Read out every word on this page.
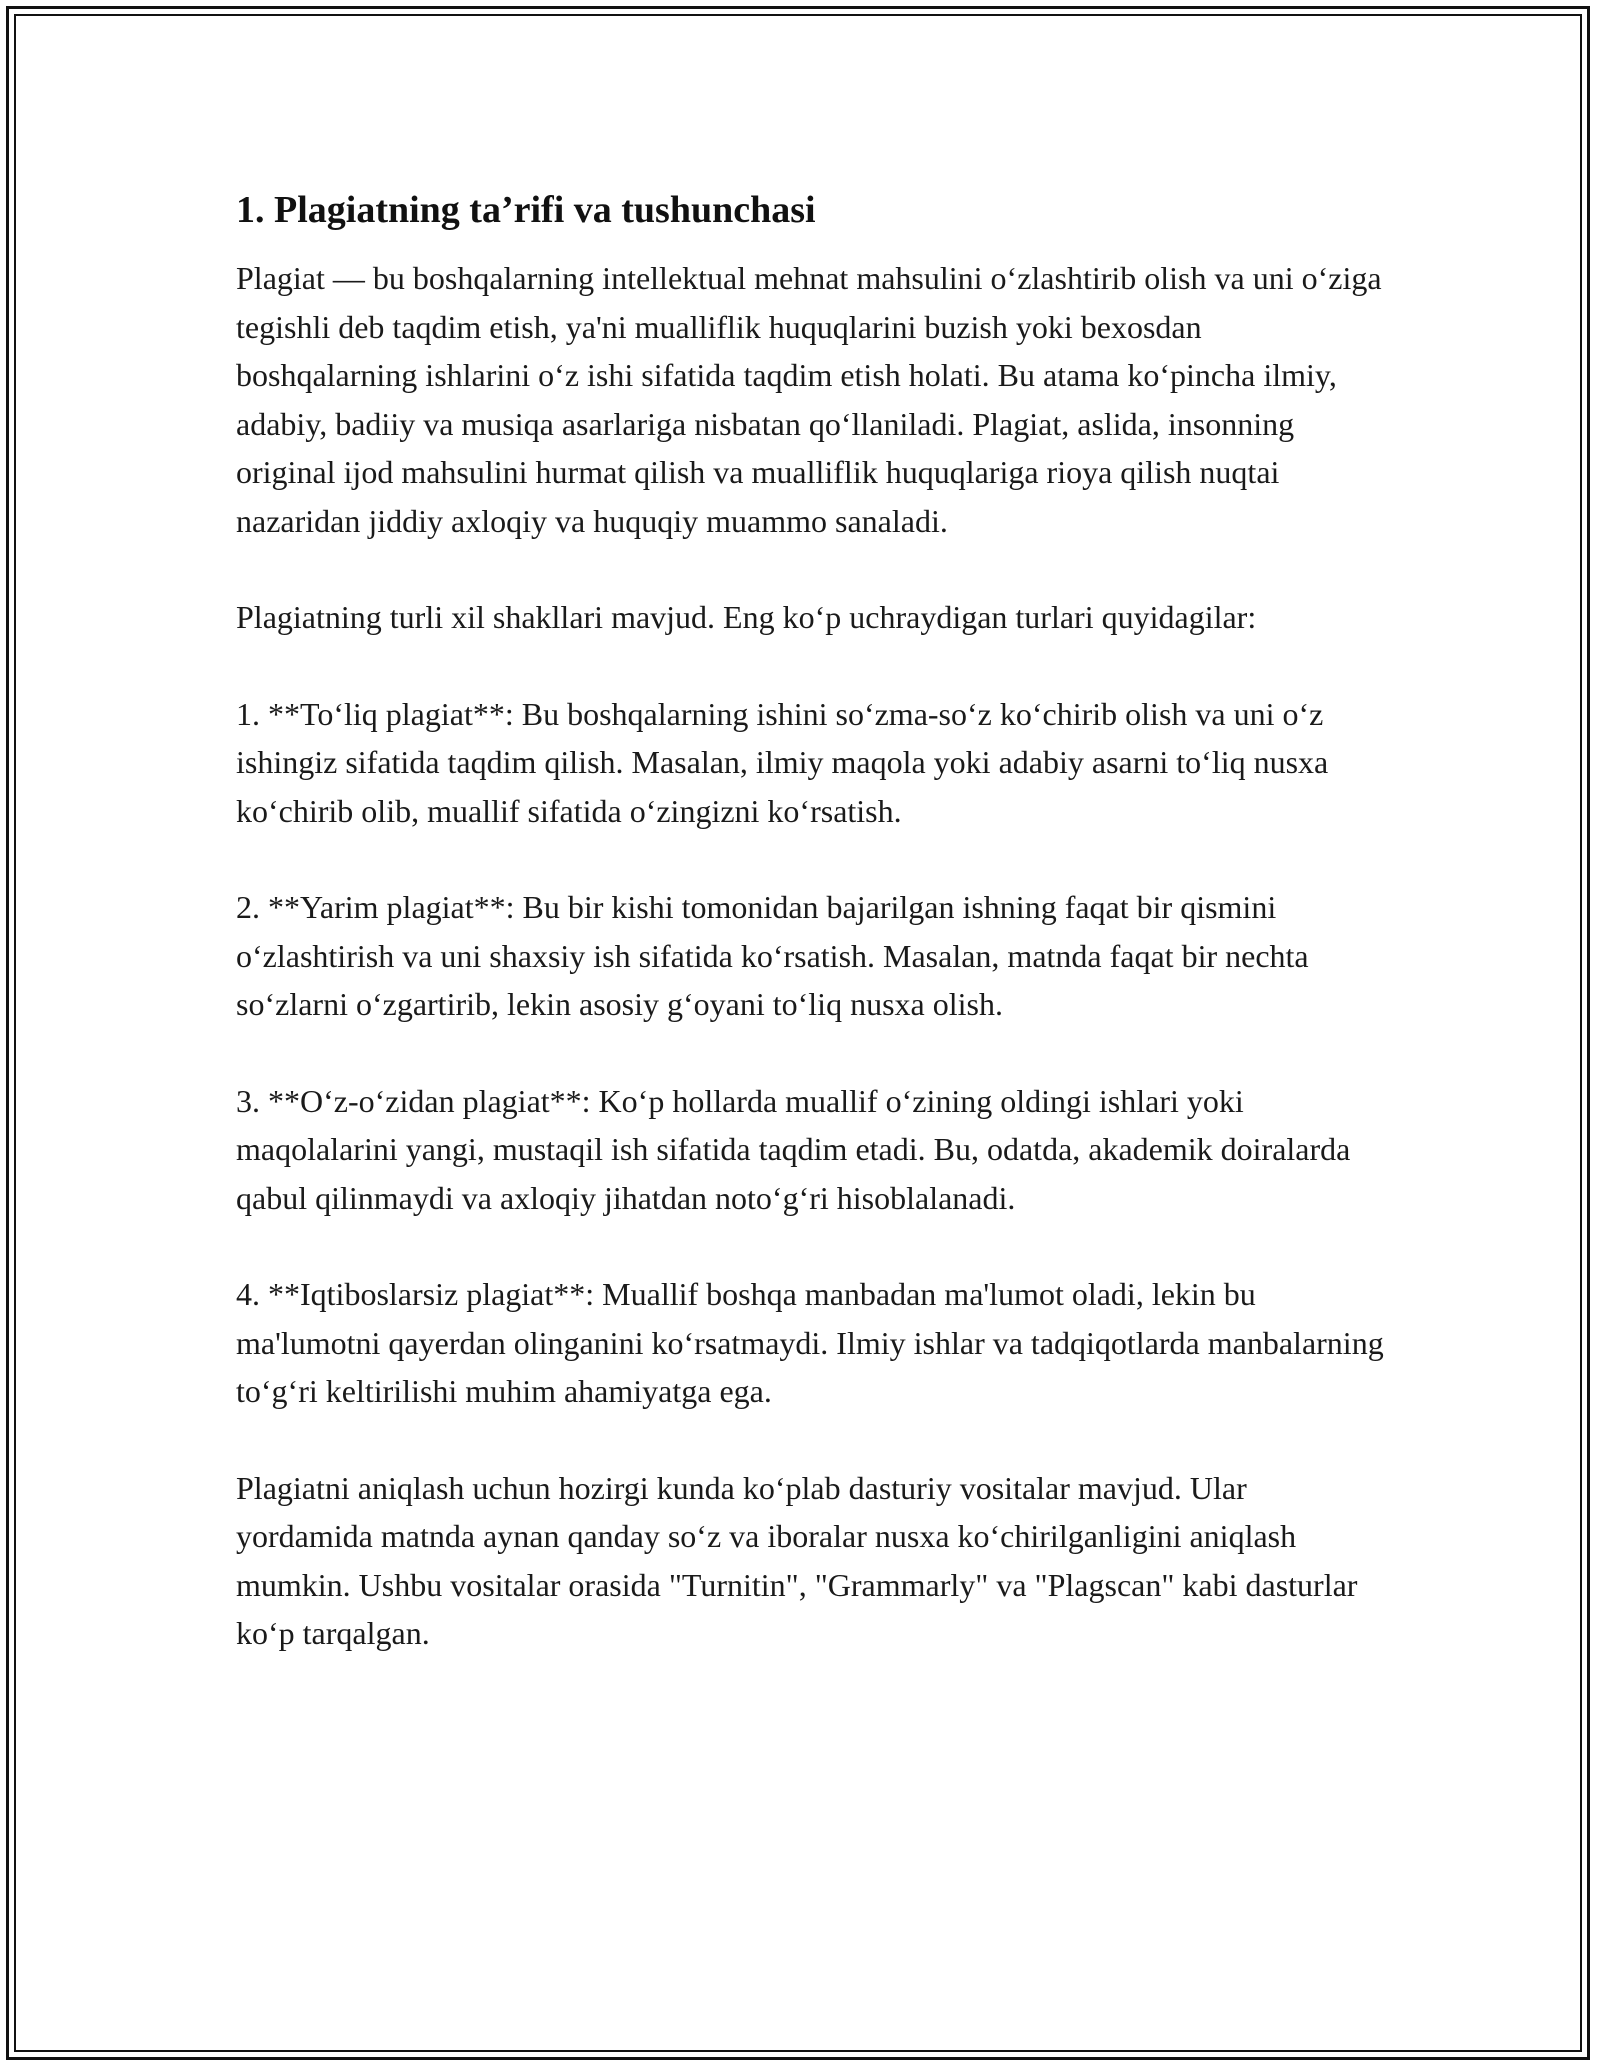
1. Plagiatning ta’rifi va tushunchasi

Plagiat — bu boshqalarning intellektual mehnat mahsulini o‘zlashtirib olish va uni o‘ziga tegishli deb taqdim etish, ya'ni mualliflik huquqlarini buzish yoki bexosdan boshqalarning ishlarini o‘z ishi sifatida taqdim etish holati. Bu atama ko‘pincha ilmiy, adabiy, badiiy va musiqa asarlariga nisbatan qo‘llaniladi. Plagiat, aslida, insonning original ijod mahsulini hurmat qilish va mualliflik huquqlariga rioya qilish nuqtai nazaridan jiddiy axloqiy va huquqiy muammo sanaladi.

Plagiatning turli xil shakllari mavjud. Eng ko‘p uchraydigan turlari quyidagilar:

1. **To‘liq plagiat**: Bu boshqalarning ishini so‘zma-so‘z ko‘chirib olish va uni o‘z ishingiz sifatida taqdim qilish. Masalan, ilmiy maqola yoki adabiy asarni to‘liq nusxa ko‘chirib olib, muallif sifatida o‘zingizni ko‘rsatish.

2. **Yarim plagiat**: Bu bir kishi tomonidan bajarilgan ishning faqat bir qismini o‘zlashtirish va uni shaxsiy ish sifatida ko‘rsatish. Masalan, matnda faqat bir nechta so‘zlarni o‘zgartirib, lekin asosiy g‘oyani to‘liq nusxa olish.

3. **O‘z-o‘zidan plagiat**: Ko‘p hollarda muallif o‘zining oldingi ishlari yoki maqolalarini yangi, mustaqil ish sifatida taqdim etadi. Bu, odatda, akademik doiralarda qabul qilinmaydi va axloqiy jihatdan noto‘g‘ri hisoblalanadi.

4. **Iqtiboslarsiz plagiat**: Muallif boshqa manbadan ma'lumot oladi, lekin bu ma'lumotni qayerdan olinganini ko‘rsatmaydi. Ilmiy ishlar va tadqiqotlarda manbalarning to‘g‘ri keltirilishi muhim ahamiyatga ega.

Plagiatni aniqlash uchun hozirgi kunda ko‘plab dasturiy vositalar mavjud. Ular yordamida matnda aynan qanday so‘z va iboralar nusxa ko‘chirilganligini aniqlash mumkin. Ushbu vositalar orasida "Turnitin", "Grammarly" va "Plagscan" kabi dasturlar ko‘p tarqalgan.
